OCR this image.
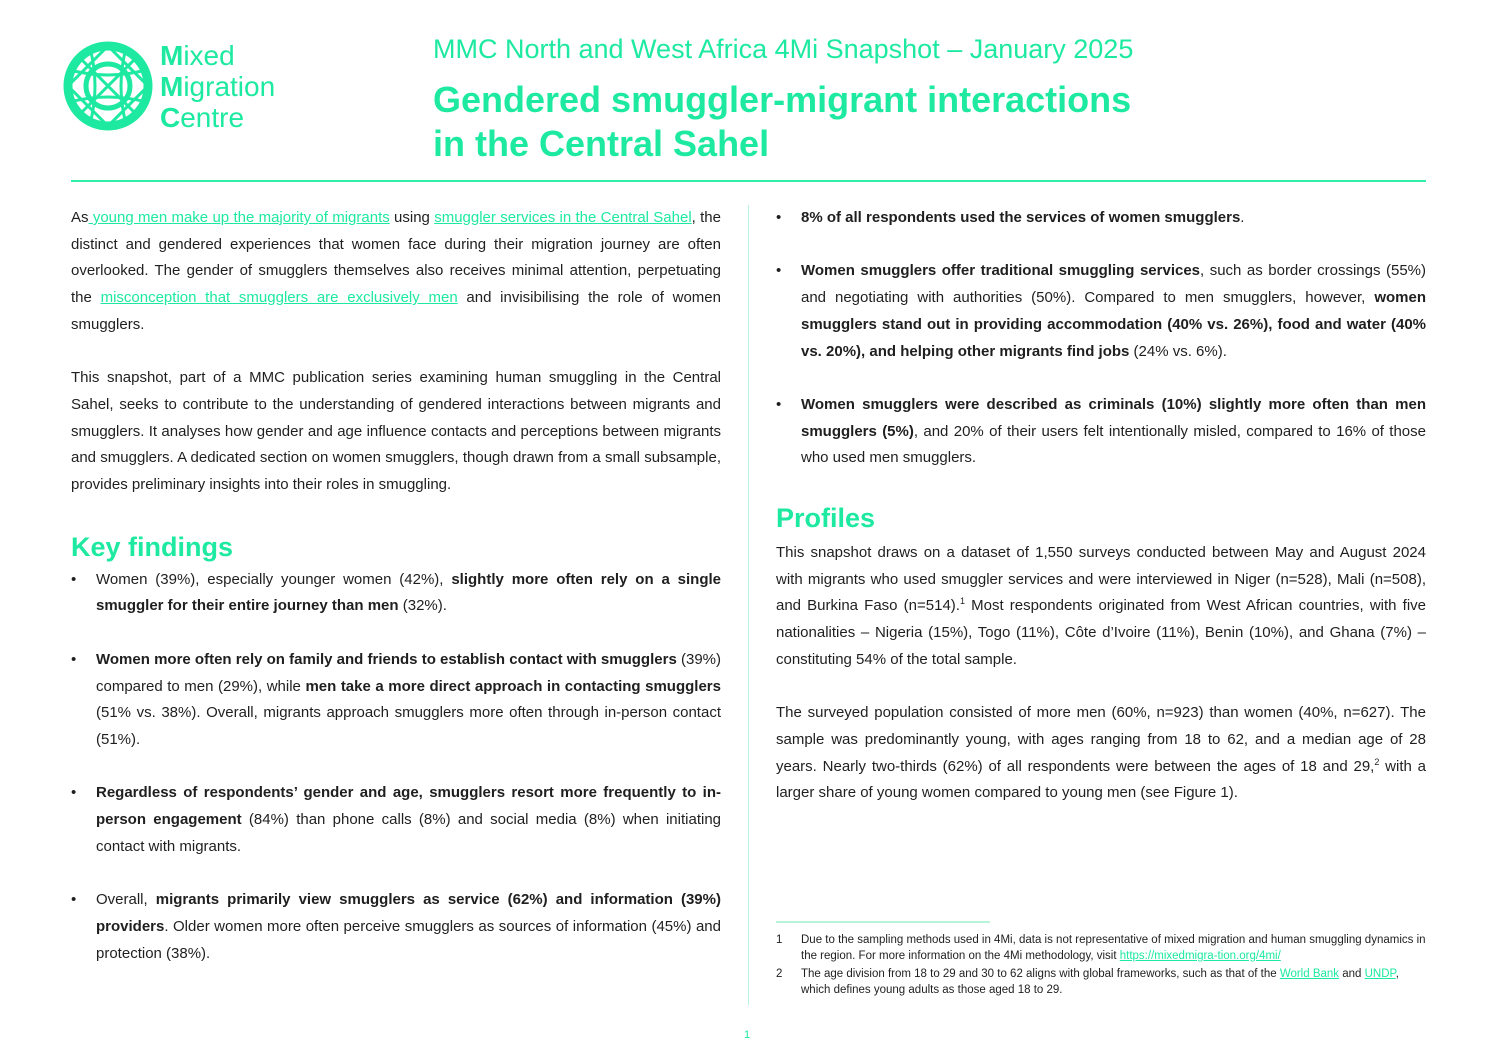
Mixed
Migration
Centre
MMC North and West Africa 4Mi Snapshot – January 2025
Gendered smuggler-migrant interactions
in the Central Sahel

As young men make up the majority of migrants using smuggler services in the Central Sahel, the distinct and gendered experiences that women face during their migration journey are often overlooked. The gender of smugglers themselves also receives minimal attention, perpetuating the misconception that smugglers are exclusively men and invisibilising the role of women smugglers.

This snapshot, part of a MMC publication series examining human smuggling in the Central Sahel, seeks to contribute to the understanding of gendered interactions between migrants and smugglers. It analyses how gender and age influence contacts and perceptions between migrants and smugglers. A dedicated section on women smugglers, though drawn from a small subsample, provides preliminary insights into their roles in smuggling.

Key findings
• Women (39%), especially younger women (42%), slightly more often rely on a single smuggler for their entire journey than men (32%).
• Women more often rely on family and friends to establish contact with smugglers (39%) compared to men (29%), while men take a more direct approach in contacting smugglers (51% vs. 38%). Overall, migrants approach smugglers more often through in-person contact (51%).
• Regardless of respondents’ gender and age, smugglers resort more frequently to in-person engagement (84%) than phone calls (8%) and social media (8%) when initiating contact with migrants.
• Overall, migrants primarily view smugglers as service (62%) and information (39%) providers. Older women more often perceive smugglers as sources of information (45%) and protection (38%).
• 8% of all respondents used the services of women smugglers.
• Women smugglers offer traditional smuggling services, such as border crossings (55%) and negotiating with authorities (50%). Compared to men smugglers, however, women smugglers stand out in providing accommodation (40% vs. 26%), food and water (40% vs. 20%), and helping other migrants find jobs (24% vs. 6%).
• Women smugglers were described as criminals (10%) slightly more often than men smugglers (5%), and 20% of their users felt intentionally misled, compared to 16% of those who used men smugglers.
Profiles

This snapshot draws on a dataset of 1,550 surveys conducted between May and August 2024 with migrants who used smuggler services and were interviewed in Niger (n=528), Mali (n=508), and Burkina Faso (n=514).$^1$ Most respondents originated from West African countries, with five nationalities – Nigeria (15%), Togo (11%), Côte d’Ivoire (11%), Benin (10%), and Ghana (7%) – constituting 54% of the total sample.

The surveyed population consisted of more men (60%, n=923) than women (40%, n=627). The sample was predominantly young, with ages ranging from 18 to 62, and a median age of 28 years. Nearly two-thirds (62%) of all respondents were between the ages of 18 and 29,$^2$ with a larger share of young women compared to young men (see Figure 1).

1 Due to the sampling methods used in 4Mi, data is not representative of mixed migration and human smuggling dynamics in the region. For more information on the 4Mi methodology, visit https://mixedmigra-tion.org/4mi/
2 The age division from 18 to 29 and 30 to 62 aligns with global frameworks, such as that of the World Bank and UNDP, which defines young adults as those aged 18 to 29.
1
